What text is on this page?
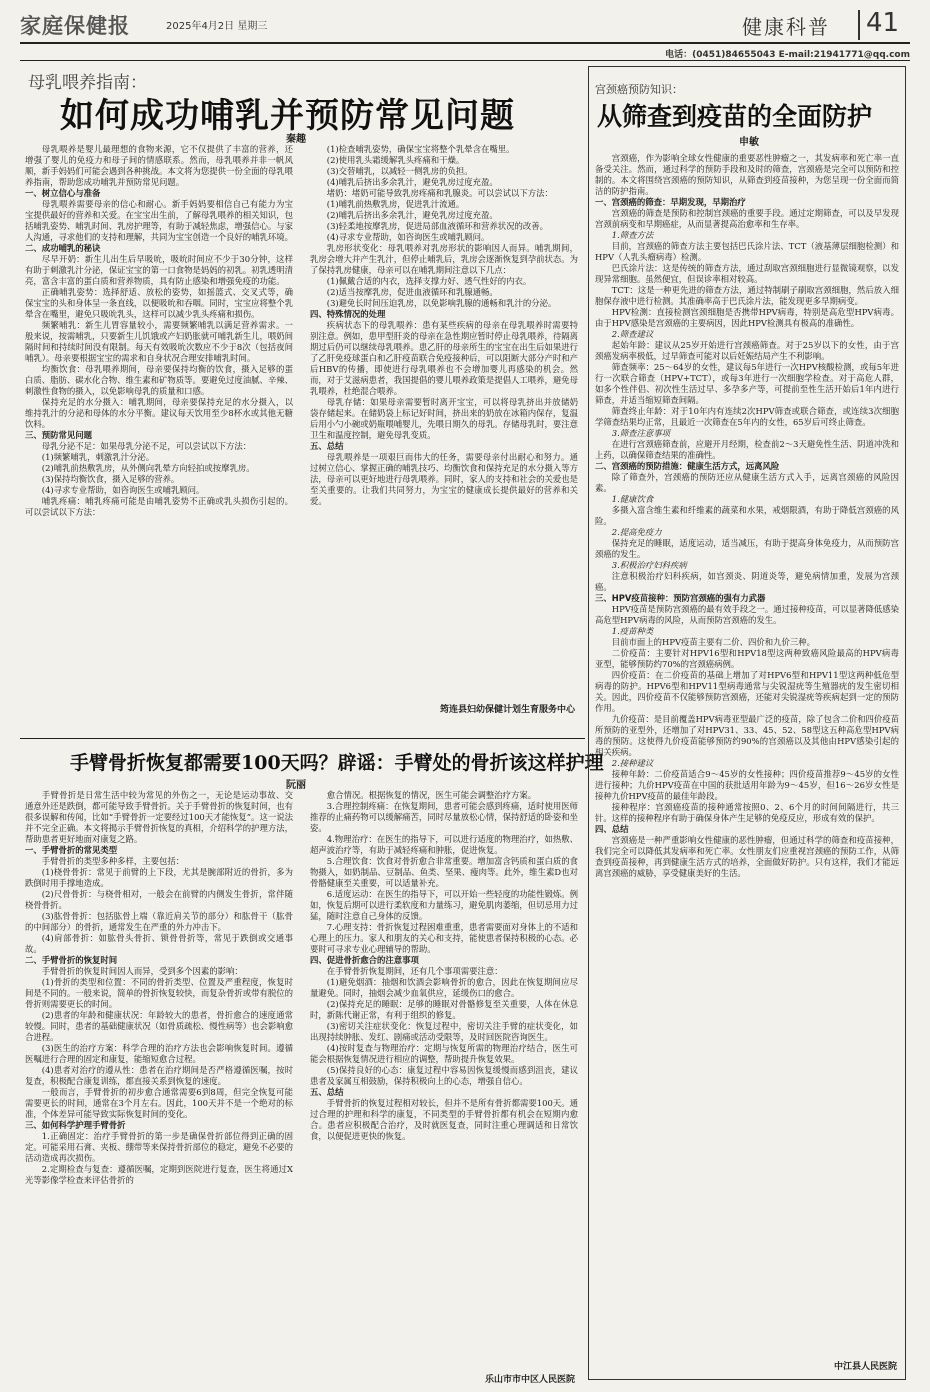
家庭保健报	2025年4月2日 星期三	健康科普 41
电话：(0451)84655043 E-mail:21941771@qq.com
母乳喂养指南：
如何成功哺乳并预防常见问题
秦趣

母乳喂养是婴儿最理想的食物来源，它不仅提供了丰富的营养，还增强了婴儿的免疫力和母子间的情感联系。然而，母乳喂养并非一帆风顺，新手妈妈们可能会遇到各种挑战。本文将为您提供一份全面的母乳喂养指南，帮助您成功哺乳并预防常见问题。

一、树立信心与准备

母乳喂养需要母亲的信心和耐心。新手妈妈要相信自己有能力为宝宝提供最好的营养和关爱。在宝宝出生前，了解母乳喂养的相关知识，包括哺乳姿势、哺乳时间、乳房护理等，有助于减轻焦虑，增强信心。与家人沟通，寻求他们的支持和理解，共同为宝宝创造一个良好的哺乳环境。

二、成功哺乳的秘诀

尽早开奶：新生儿出生后早吸吮，吸吮时间应不少于30分钟，这样有助于刺激乳汁分泌，保证宝宝的第一口食物是妈妈的初乳。初乳透明清亮，富含丰富的蛋白质和营养物质，具有防止感染和增强免疫的功能。

正确哺乳姿势：选择舒适、放松的姿势，如摇篮式、交叉式等，确保宝宝的头和身体呈一条直线，以便吸吮和吞咽。同时，宝宝应将整个乳晕含在嘴里，避免只吸吮乳头，这样可以减少乳头疼痛和损伤。

频繁哺乳：新生儿胃容量较小，需要频繁哺乳以满足营养需求。一般来说，按需哺乳，只要新生儿饥饿或产妇奶胀就可哺乳新生儿，喂奶间隔时间和持续时间没有限制。每天有效吸吮次数应不少于8次（包括夜间哺乳）。母亲要根据宝宝的需求和自身状况合理安排哺乳时间。

均衡饮食：母乳喂养期间，母亲要保持均衡的饮食，摄入足够的蛋白质、脂肪、碳水化合物、维生素和矿物质等。要避免过度油腻、辛辣、刺激性食物的摄入，以免影响母乳的质量和口感。

保持充足的水分摄入：哺乳期间，母亲要保持充足的水分摄入，以维持乳汁的分泌和母体的水分平衡。建议每天饮用至少8杯水或其他无糖饮料。

三、预防常见问题

母乳分泌不足：如果母乳分泌不足，可以尝试以下方法：

(1)频繁哺乳，刺激乳汁分泌。

(2)哺乳前热敷乳房，从外侧向乳晕方向轻拍或按摩乳房。

(3)保持均衡饮食，摄入足够的营养。

(4)寻求专业帮助，如咨询医生或哺乳顾问。

哺乳疼痛：哺乳疼痛可能是由哺乳姿势不正确或乳头损伤引起的。可以尝试以下方法：

(1)检查哺乳姿势，确保宝宝将整个乳晕含在嘴里。

(2)使用乳头霜缓解乳头疼痛和干燥。

(3)交替哺乳，以减轻一侧乳房的负担。

(4)哺乳后挤出多余乳汁，避免乳房过度充盈。

堵奶：堵奶可能导致乳房疼痛和乳腺炎。可以尝试以下方法：

(1)哺乳前热敷乳房，促进乳汁流通。

(2)哺乳后挤出多余乳汁，避免乳房过度充盈。

(3)轻柔地按摩乳房，促进局部血液循环和营养状况的改善。

(4)寻求专业帮助，如咨询医生或哺乳顾问。

乳房形状变化：母乳喂养对乳房形状的影响因人而异。哺乳期间，乳房会增大并产生乳汁，但停止哺乳后，乳房会逐渐恢复到孕前状态。为了保持乳房健康，母亲可以在哺乳期间注意以下几点：

(1)佩戴合适的内衣，选择支撑力好、透气性好的内衣。

(2)适当按摩乳房，促进血液循环和乳腺通畅。

(3)避免长时间压迫乳房，以免影响乳腺的通畅和乳汁的分泌。

四、特殊情况的处理

疾病状态下的母乳喂养：患有某些疾病的母亲在母乳喂养时需要特别注意。例如，患甲型肝炎的母亲在急性期应暂时停止母乳喂养，待隔离期过后仍可以继续母乳喂养。患乙肝的母亲所生的宝宝在出生后如果进行了乙肝免疫球蛋白和乙肝疫苗联合免疫接种后，可以阻断大部分产时和产后HBV的传播，即使进行母乳喂养也不会增加婴儿再感染的机会。然而，对于艾滋病患者，我国提倡的婴儿喂养政策是提倡人工喂养，避免母乳喂养，杜绝混合喂养。

母乳存储：如果母亲需要暂时离开宝宝，可以将母乳挤出并放储奶袋存储起来。在储奶袋上标记好时间，挤出来的奶放在冰箱内保存，复温后用小勺小碗或奶瓶喂哺婴儿，先喂日期久的母乳。存储母乳时，要注意卫生和温度控制，避免母乳变质。

五、总结

母乳喂养是一项艰巨而伟大的任务，需要母亲付出耐心和努力。通过树立信心、掌握正确的哺乳技巧、均衡饮食和保持充足的水分摄入等方法，母亲可以更好地进行母乳喂养。同时，家人的支持和社会的关爱也是至关重要的。让我们共同努力，为宝宝的健康成长提供最好的营养和关爱。

筠连县妇幼保健计划生育服务中心
手臂骨折恢复都需要100天吗？辟谣：手臂处的骨折该这样护理
阮丽

手臂骨折是日常生活中较为常见的外伤之一，无论是运动事故、交通意外还是跌倒，都可能导致手臂骨折。关于手臂骨折的恢复时间，也有很多误解和传闻，比如“手臂骨折一定要经过100天才能恢复”。这一说法并不完全正确。本文将揭示手臂骨折恢复的真相，介绍科学的护理方法，帮助患者更好地面对康复之路。

一、手臂骨折的常见类型

手臂骨折的类型多种多样，主要包括：

(1)桡骨骨折：常见于前臂的上下段，尤其是腕部附近的骨折，多为跌倒时用手撑地造成。

(2)尺骨骨折：与桡骨相对，一般会在前臂的内侧发生骨折，常伴随桡骨骨折。

(3)肱骨骨折：包括肱骨上端（靠近肩关节的部分）和肱骨干（肱骨的中间部分）的骨折，通常发生在严重的外力冲击下。

(4)肩部骨折：如肱骨头骨折、锁骨骨折等，常见于跌倒或交通事故。

二、手臂骨折的恢复时间

手臂骨折的恢复时间因人而异，受到多个因素的影响：

(1)骨折的类型和位置：不同的骨折类型、位置及严重程度，恢复时间是不同的。一般来说，简单的骨折恢复较快，而复杂骨折或带有脱位的骨折则需要更长的时间。

(2)患者的年龄和健康状况：年龄较大的患者，骨折愈合的速度通常较慢。同时，患者的基础健康状况（如骨质疏松、慢性病等）也会影响愈合进程。

(3)医生的治疗方案：科学合理的治疗方法也会影响恢复时间。遵循医嘱进行合理的固定和康复，能缩短愈合过程。

(4)患者对治疗的遵从性：患者在治疗期间是否严格遵循医嘱，按时复查，积极配合康复训练，都直接关系到恢复的速度。

一般而言，手臂骨折的初步愈合通常需要6到8周，但完全恢复可能需要更长的时间，通常在3个月左右。因此，100天并不是一个绝对的标准，个体差异可能导致实际恢复时间的变化。

三、如何科学护理手臂骨折

1.正确固定：治疗手臂骨折的第一步是确保骨折部位得到正确的固定。可能采用石膏、夹板、绷带等来保持骨折部位的稳定，避免不必要的活动造成再次损伤。

2.定期检查与复查：遵循医嘱，定期到医院进行复查，医生将通过X光等影像学检查来评估骨折的

愈合情况。根据恢复的情况，医生可能会调整治疗方案。

3.合理控制疼痛：在恢复期间，患者可能会感到疼痛，适时使用医师推荐的止痛药物可以缓解痛苦，同时尽量放松心情，保持舒适的卧姿和坐姿。

4.物理治疗：在医生的指导下，可以进行适度的物理治疗，如热敷、超声波治疗等，有助于减轻疼痛和肿胀，促进恢复。

5.合理饮食：饮食对骨折愈合非常重要。增加富含钙质和蛋白质的食物摄入，如奶制品、豆制品、鱼类、坚果、瘦肉等。此外，维生素D也对骨骼健康至关重要，可以适量补充。

6.适度运动：在医生的指导下，可以开始一些轻度的功能性锻炼。例如，恢复后期可以进行柔软度和力量练习，避免肌肉萎缩，但切忌用力过猛，随时注意自己身体的反馈。

7.心理支持：骨折恢复过程困难重重，患者需要面对身体上的不适和心理上的压力。家人和朋友的关心和支持，能使患者保持积极的心态。必要时可寻求专业心理辅导的帮助。

四、促进骨折愈合的注意事项

在手臂骨折恢复期间，还有几个事项需要注意：

(1)避免烟酒：抽烟和饮酒会影响骨折的愈合，因此在恢复期间应尽量避免。同时，抽烟会减少血氧供应，延缓伤口的愈合。

(2)保持充足的睡眠：足够的睡眠对骨骼修复至关重要，人体在休息时，新陈代谢正常，有利于组织的修复。

(3)密切关注症状变化：恢复过程中，密切关注手臂的症状变化，如出现持续肿胀、发红、剧痛或活动受限等，及时回医院咨询医生。

(4)按时复查与物理治疗：定期与恢复所需的物理治疗结合，医生可能会根据恢复情况进行相应的调整，帮助提升恢复效果。

(5)保持良好的心态：康复过程中容易因恢复缓慢而感到沮丧，建议患者及家属互相鼓励，保持积极向上的心态，增强自信心。

五、总结

手臂骨折的恢复过程相对较长，但并不是所有骨折都需要100天。通过合理的护理和科学的康复，不同类型的手臂骨折都有机会在短期内愈合。患者应积极配合治疗，及时就医复查，同时注重心理调适和日常饮食，以便促进更快的恢复。

乐山市市中区人民医院
宫颈癌预防知识：
从筛查到疫苗的全面防护
申敏

宫颈癌，作为影响全球女性健康的重要恶性肿瘤之一，其发病率和死亡率一直备受关注。然而，通过科学的预防手段和及时的筛查，宫颈癌是完全可以预防和控制的。本文将围绕宫颈癌的预防知识，从筛查到疫苗接种，为您呈现一份全面而简洁的防护指南。

一、宫颈癌的筛查：早期发现，早期治疗

宫颈癌的筛查是预防和控制宫颈癌的重要手段。通过定期筛查，可以及早发现宫颈前病变和早期癌症，从而显著提高治愈率和生存率。

1.筛查方法

目前，宫颈癌的筛查方法主要包括巴氏涂片法、TCT（液基薄层细胞检测）和HPV（人乳头瘤病毒）检测。

巴氏涂片法：这是传统的筛查方法，通过刮取宫颈细胞进行显微镜观察，以发现异常细胞。虽然便宜，但误诊率相对较高。

TCT：这是一种更先进的筛查方法，通过特制刷子刷取宫颈细胞，然后放入细胞保存液中进行检测。其准确率高于巴氏涂片法，能发现更多早期病变。

HPV检测：直接检测宫颈细胞是否携带HPV病毒，特别是高危型HPV病毒。由于HPV感染是宫颈癌的主要病因，因此HPV检测具有极高的准确性。

2.筛查建议

起始年龄：建议从25岁开始进行宫颈癌筛查。对于25岁以下的女性，由于宫颈癌发病率极低，过早筛查可能对以后妊娠结局产生不利影响。

筛查频率：25～64岁的女性，建议每5年进行一次HPV核酸检测，或每5年进行一次联合筛查（HPV+TCT），或每3年进行一次细胞学检查。对于高危人群，如多个性伴侣、初次性生活过早、多孕多产等，可提前至性生活开始后1年内进行筛查，并适当缩短筛查间隔。

筛查终止年龄：对于10年内有连续2次HPV筛查或联合筛查，或连续3次细胞学筛查结果均正常，且最近一次筛查在5年内的女性，65岁后可终止筛查。

3.筛查注意事项

在进行宫颈癌筛查前，应避开月经期，检查前2～3天避免性生活、阴道冲洗和上药，以确保筛查结果的准确性。

二、宫颈癌的预防措施：健康生活方式，远离风险

除了筛查外，宫颈癌的预防还应从健康生活方式入手，远离宫颈癌的风险因素。

1.健康饮食

多摄入富含维生素和纤维素的蔬菜和水果，戒烟限酒，有助于降低宫颈癌的风险。

2.提高免疫力

保持充足的睡眠，适度运动，适当减压，有助于提高身体免疫力，从而预防宫颈癌的发生。

3.积极治疗妇科疾病

注意积极治疗妇科疾病，如宫颈炎、阴道炎等，避免病情加重，发展为宫颈癌。

三、HPV疫苗接种：预防宫颈癌的强有力武器

HPV疫苗是预防宫颈癌的最有效手段之一。通过接种疫苗，可以显著降低感染高危型HPV病毒的风险，从而预防宫颈癌的发生。

1.疫苗种类

目前市面上的HPV疫苗主要有二价、四价和九价三种。

二价疫苗：主要针对HPV16型和HPV18型这两种致癌风险最高的HPV病毒亚型，能够预防约70%的宫颈癌病例。

四价疫苗：在二价疫苗的基础上增加了对HPV6型和HPV11型这两种低危型病毒的防护。HPV6型和HPV11型病毒通常与尖锐湿疣等生殖器疣的发生密切相关。因此，四价疫苗不仅能够预防宫颈癌，还能对尖锐湿疣等疾病起到一定的预防作用。

九价疫苗：是目前覆盖HPV病毒亚型最广泛的疫苗，除了包含二价和四价疫苗所预防的亚型外，还增加了对HPV31、33、45、52、58型这五种高危型HPV病毒的预防。这使得九价疫苗能够预防约90%的宫颈癌以及其他由HPV感染引起的相关疾病。

2.接种建议

接种年龄：二价疫苗适合9～45岁的女性接种；四价疫苗推荐9～45岁的女性进行接种；九价HPV疫苗在中国的获批适用年龄为9～45岁，但16～26岁女性是接种九价HPV疫苗的最佳年龄段。

接种程序：宫颈癌疫苗的接种通常按照0、2、6个月的时间间隔进行，共三针。这样的接种程序有助于确保身体产生足够的免疫反应，形成有效的保护。

四、总结

宫颈癌是一种严重影响女性健康的恶性肿瘤，但通过科学的筛查和疫苗接种，我们完全可以降低其发病率和死亡率。女性朋友们应重视宫颈癌的预防工作，从筛查到疫苗接种，再到健康生活方式的培养，全面做好防护。只有这样，我们才能远离宫颈癌的威胁，享受健康美好的生活。

中江县人民医院
